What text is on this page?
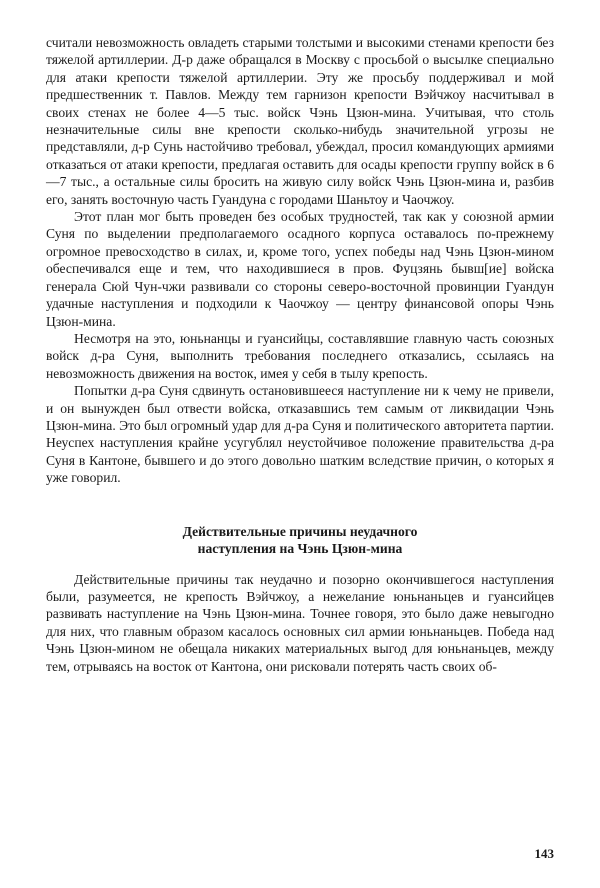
считали невозможность овладеть старыми толстыми и высокими стенами крепости без тяжелой артиллерии. Д-р даже обращался в Москву с просьбой о высылке специально для атаки крепости тяжелой артиллерии. Эту же просьбу поддерживал и мой предшественник т. Павлов. Между тем гарнизон крепости Вэйчжоу насчитывал в своих стенах не более 4—5 тыс. войск Чэнь Цзюн-мина. Учитывая, что столь незначительные силы вне крепости сколько-нибудь значительной угрозы не представляли, д-р Сунь настойчиво требовал, убеждал, просил командующих армиями отказаться от атаки крепости, предлагая оставить для осады крепости группу войск в 6—7 тыс., а остальные силы бросить на живую силу войск Чэнь Цзюн-мина и, разбив его, занять восточную часть Гуандуна с городами Шаньтоу и Чаочжоу.

Этот план мог быть проведен без особых трудностей, так как у союзной армии Суня по выделении предполагаемого осадного корпуса оставалось по-прежнему огромное превосходство в силах, и, кроме того, успех победы над Чэнь Цзюн-мином обеспечивался еще и тем, что находившиеся в пров. Фуцзянь бывш[ие] войска генерала Сюй Чун-чжи развивали со стороны северо-восточной провинции Гуандун удачные наступления и подходили к Чаочжоу — центру финансовой опоры Чэнь Цзюн-мина.

Несмотря на это, юньнанцы и гуансийцы, составлявшие главную часть союзных войск д-ра Суня, выполнить требования последнего отказались, ссылаясь на невозможность движения на восток, имея у себя в тылу крепость.

Попытки д-ра Суня сдвинуть остановившееся наступление ни к чему не привели, и он вынужден был отвести войска, отказавшись тем самым от ликвидации Чэнь Цзюн-мина. Это был огромный удар для д-ра Суня и политического авторитета партии. Неуспех наступления крайне усугублял неустойчивое положение правительства д-ра Суня в Кантоне, бывшего и до этого довольно шатким вследствие причин, о которых я уже говорил.

Действительные причины неудачного
наступления на Чэнь Цзюн-мина

Действительные причины так неудачно и позорно окончившегося наступления были, разумеется, не крепость Вэйчжоу, а нежелание юньнаньцев и гуансийцев развивать наступление на Чэнь Цзюн-мина. Точнее говоря, это было даже невыгодно для них, что главным образом касалось основных сил армии юньнаньцев. Победа над Чэнь Цзюн-мином не обещала никаких материальных выгод для юньнаньцев, между тем, отрываясь на восток от Кантона, они рисковали потерять часть своих об-

143
